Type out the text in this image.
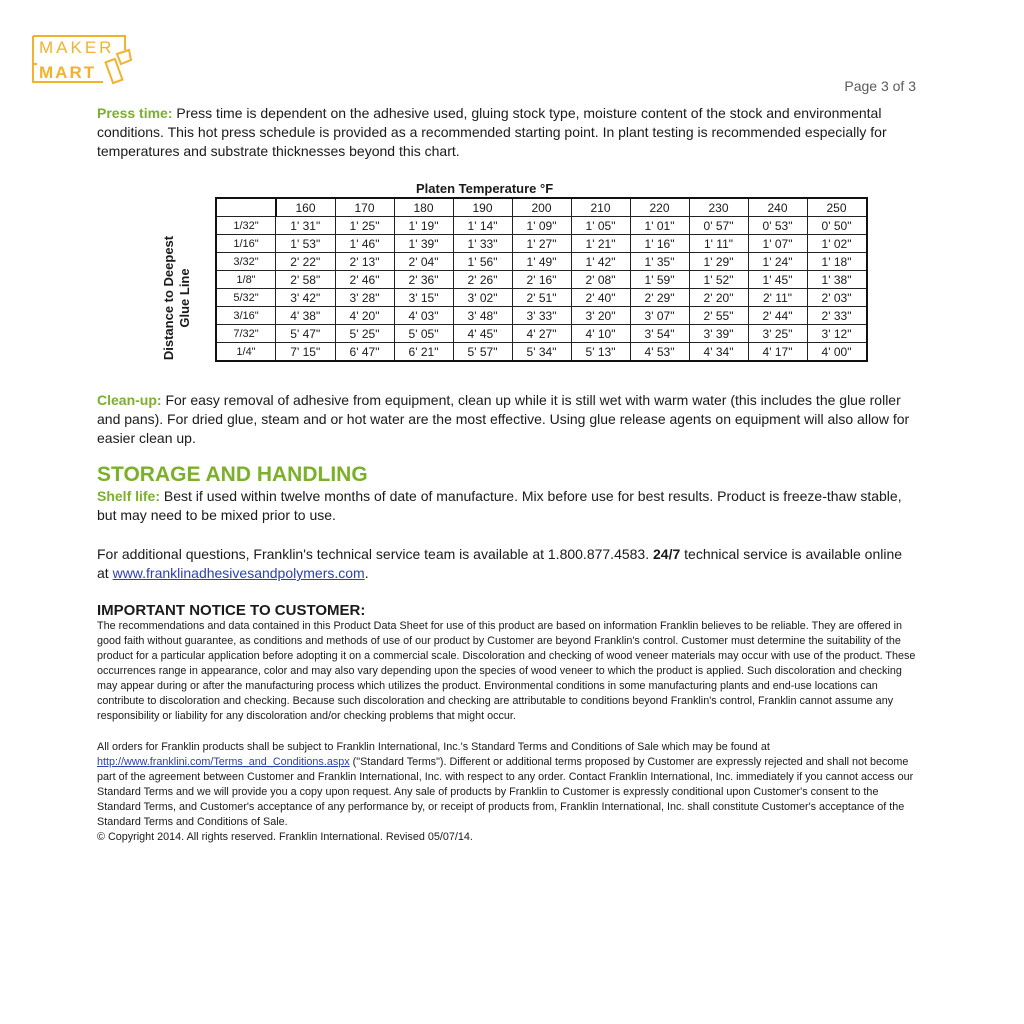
MAKER
MART
Page 3 of 3

Press time: Press time is dependent on the adhesive used, gluing stock type, moisture content of the stock and environmental conditions. This hot press schedule is provided as a recommended starting point. In plant testing is recommended especially for temperatures and substrate thicknesses beyond this chart.

Platen Temperature °F
Distance to Deepest Glue Line
	160	170	180	190	200	210	220	230	240	250
1/32"	1' 31"	1' 25"	1' 19"	1' 14"	1' 09"	1' 05"	1' 01"	0' 57"	0' 53"	0' 50"
1/16"	1' 53"	1' 46"	1' 39"	1' 33"	1' 27"	1' 21"	1' 16"	1' 11"	1' 07"	1' 02"
3/32"	2' 22"	2' 13"	2' 04"	1' 56"	1' 49"	1' 42"	1' 35"	1' 29"	1' 24"	1' 18"
1/8"	2' 58"	2' 46"	2' 36"	2' 26"	2' 16"	2' 08"	1' 59"	1' 52"	1' 45"	1' 38"
5/32"	3' 42"	3' 28"	3' 15"	3' 02"	2' 51"	2' 40"	2' 29"	2' 20"	2' 11"	2' 03"
3/16"	4' 38"	4' 20"	4' 03"	3' 48"	3' 33"	3' 20"	3' 07"	2' 55"	2' 44"	2' 33"
7/32"	5' 47"	5' 25"	5' 05"	4' 45"	4' 27"	4' 10"	3' 54"	3' 39"	3' 25"	3' 12"
1/4"	7' 15"	6' 47"	6' 21"	5' 57"	5' 34"	5' 13"	4' 53"	4' 34"	4' 17"	4' 00"

Clean-up: For easy removal of adhesive from equipment, clean up while it is still wet with warm water (this includes the glue roller and pans). For dried glue, steam and or hot water are the most effective. Using glue release agents on equipment will also allow for easier clean up.

STORAGE AND HANDLING

Shelf life: Best if used within twelve months of date of manufacture. Mix before use for best results. Product is freeze-thaw stable, but may need to be mixed prior to use.

For additional questions, Franklin's technical service team is available at 1.800.877.4583. 24/7 technical service is available online at www.franklinadhesivesandpolymers.com.

IMPORTANT NOTICE TO CUSTOMER:

The recommendations and data contained in this Product Data Sheet for use of this product are based on information Franklin believes to be reliable. They are offered in good faith without guarantee, as conditions and methods of use of our product by Customer are beyond Franklin's control. Customer must determine the suitability of the product for a particular application before adopting it on a commercial scale. Discoloration and checking of wood veneer materials may occur with use of the product. These occurrences range in appearance, color and may also vary depending upon the species of wood veneer to which the product is applied. Such discoloration and checking may appear during or after the manufacturing process which utilizes the product. Environmental conditions in some manufacturing plants and end-use locations can contribute to discoloration and checking. Because such discoloration and checking are attributable to conditions beyond Franklin's control, Franklin cannot assume any responsibility or liability for any discoloration and/or checking problems that might occur.

All orders for Franklin products shall be subject to Franklin International, Inc.'s Standard Terms and Conditions of Sale which may be found at http://www.franklini.com/Terms_and_Conditions.aspx ("Standard Terms"). Different or additional terms proposed by Customer are expressly rejected and shall not become part of the agreement between Customer and Franklin International, Inc. with respect to any order. Contact Franklin International, Inc. immediately if you cannot access our Standard Terms and we will provide you a copy upon request. Any sale of products by Franklin to Customer is expressly conditional upon Customer's consent to the Standard Terms, and Customer's acceptance of any performance by, or receipt of products from, Franklin International, Inc. shall constitute Customer's acceptance of the Standard Terms and Conditions of Sale.

© Copyright 2014. All rights reserved. Franklin International. Revised 05/07/14.
